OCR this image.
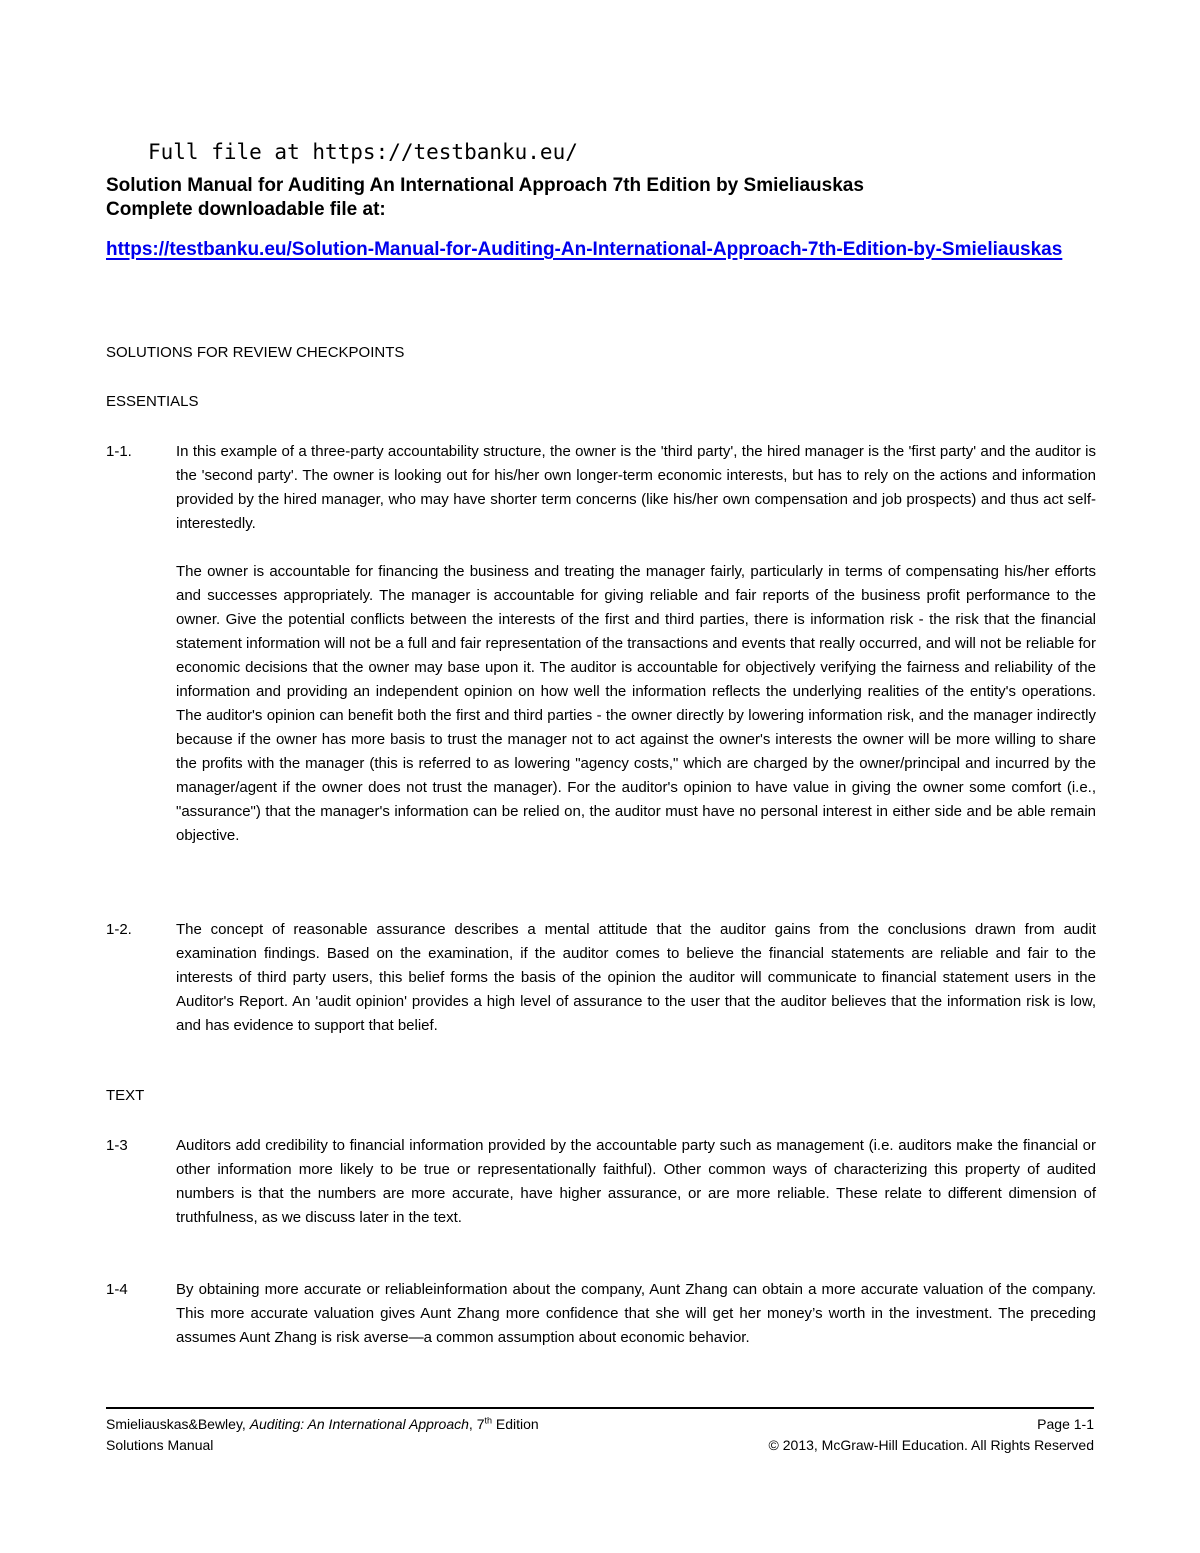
Full file at https://testbanku.eu/
Solution Manual for Auditing An International Approach 7th Edition by Smieliauskas
Complete downloadable file at:
https://testbanku.eu/Solution-Manual-for-Auditing-An-International-Approach-7th-Edition-by-Smieliauskas
SOLUTIONS FOR REVIEW CHECKPOINTS
ESSENTIALS
1-1.	In this example of a three-party accountability structure, the owner is the 'third party', the hired manager is the 'first party' and the auditor is the 'second party'. The owner is looking out for his/her own longer-term economic interests, but has to rely on the actions and information provided by the hired manager, who may have shorter term concerns (like his/her own compensation and job prospects) and thus act self-interestedly.
The owner is accountable for financing the business and treating the manager fairly, particularly in terms of compensating his/her efforts and successes appropriately. The manager is accountable for giving reliable and fair reports of the business profit performance to the owner. Give the potential conflicts between the interests of the first and third parties, there is information risk - the risk that the financial statement information will not be a full and fair representation of the transactions and events that really occurred, and will not be reliable for economic decisions that the owner may base upon it. The auditor is accountable for objectively verifying the fairness and reliability of the information and providing an independent opinion on how well the information reflects the underlying realities of the entity's operations. The auditor's opinion can benefit both the first and third parties - the owner directly by lowering information risk, and the manager indirectly because if the owner has more basis to trust the manager not to act against the owner's interests the owner will be more willing to share the profits with the manager (this is referred to as lowering "agency costs," which are charged by the owner/principal and incurred by the manager/agent if the owner does not trust the manager). For the auditor's opinion to have value in giving the owner some comfort (i.e., "assurance") that the manager's information can be relied on, the auditor must have no personal interest in either side and be able remain objective.
1-2.	The concept of reasonable assurance describes a mental attitude that the auditor gains from the conclusions drawn from audit examination findings. Based on the examination, if the auditor comes to believe the financial statements are reliable and fair to the interests of third party users, this belief forms the basis of the opinion the auditor will communicate to financial statement users in the Auditor's Report. An 'audit opinion' provides a high level of assurance to the user that the auditor believes that the information risk is low, and has evidence to support that belief.
TEXT
1-3	Auditors add credibility to financial information provided by the accountable party such as management (i.e. auditors make the financial or other information more likely to be true or representationally faithful). Other common ways of characterizing this property of audited numbers is that the numbers are more accurate, have higher assurance, or are more reliable. These relate to different dimension of truthfulness, as we discuss later in the text.
1-4	By obtaining more accurate or reliableinformation about the company, Aunt Zhang can obtain a more accurate valuation of the company. This more accurate valuation gives Aunt Zhang more confidence that she will get her money’s worth in the investment. The preceding assumes Aunt Zhang is risk averse—a common assumption about economic behavior.
Smieliauskas&Bewley, Auditing: An International Approach, 7th Edition	Page 1-1
Solutions Manual	© 2013, McGraw-Hill Education. All Rights Reserved
